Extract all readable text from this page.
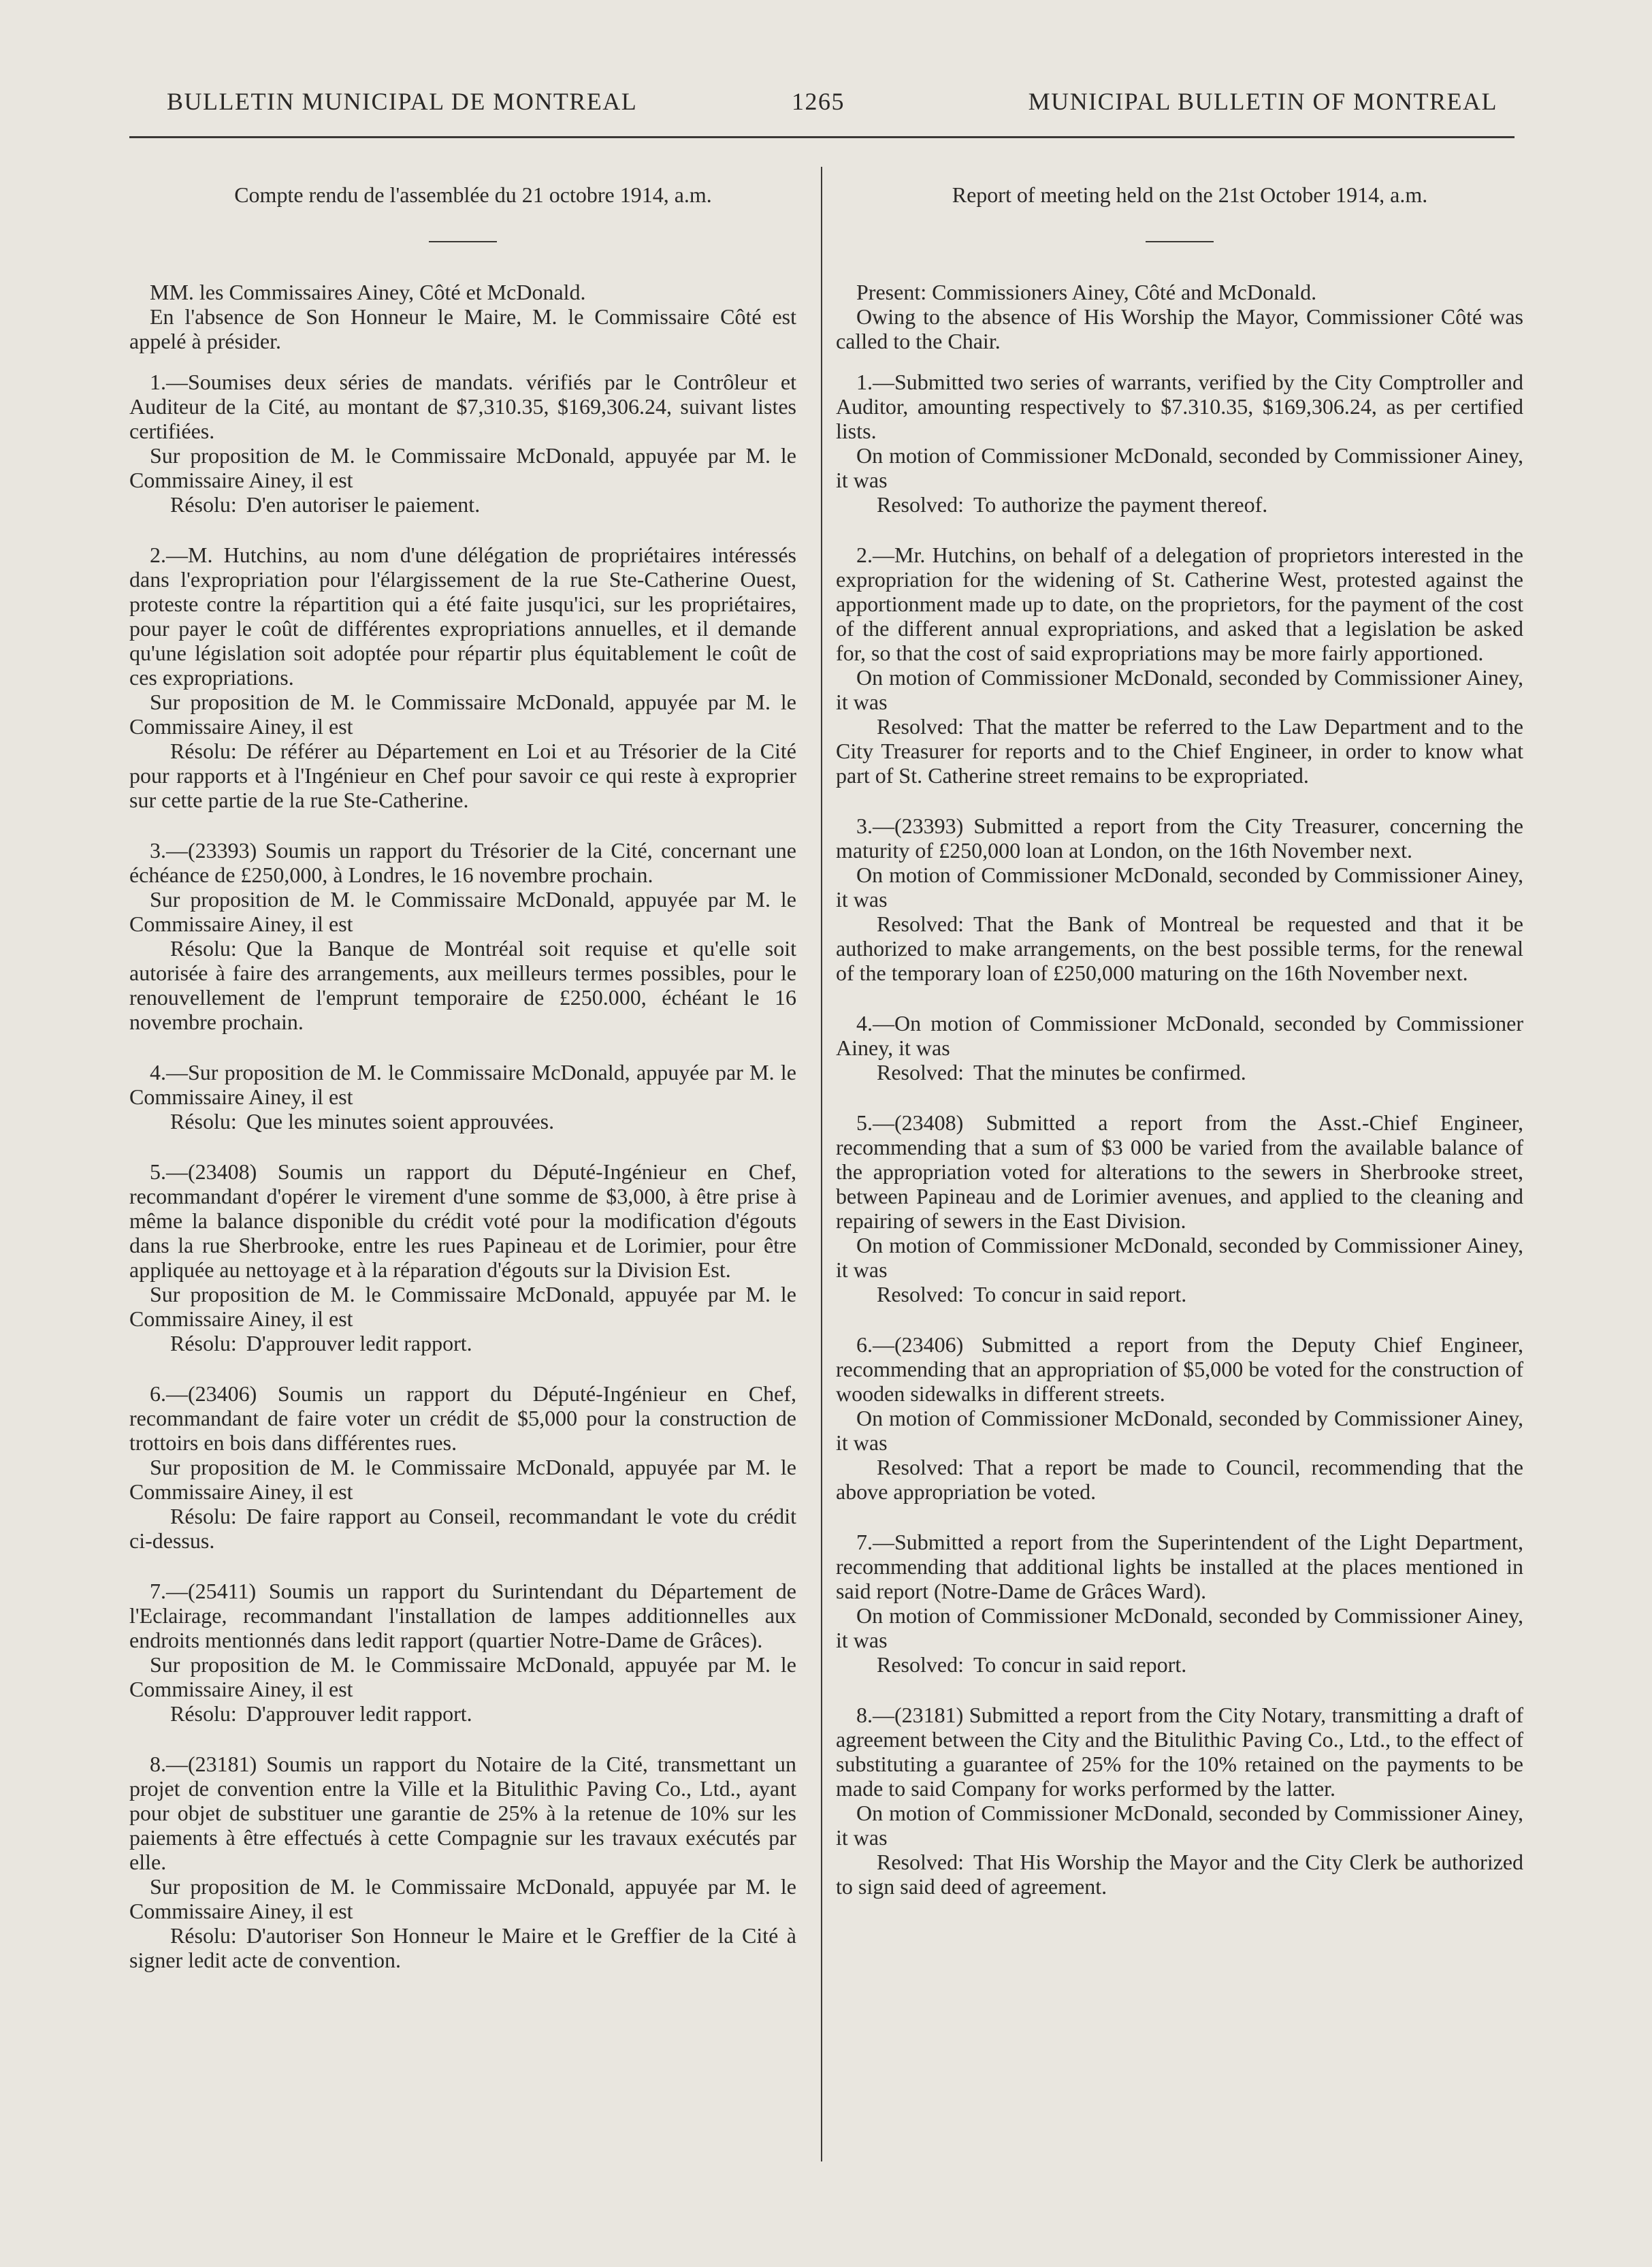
BULLETIN MUNICIPAL DE MONTREAL	1265	MUNICIPAL BULLETIN OF MONTREAL

Compte rendu de l'assemblée du 21 octobre 1914, a.m.

MM. les Commissaires Ainey, Côté et McDonald.

En l'absence de Son Honneur le Maire, M. le Commissaire Côté est appelé à présider.

1.—Soumises deux séries de mandats. vérifiés par le Contrôleur et Auditeur de la Cité, au montant de $7,310.35, $169,306.24, suivant listes certifiées.

Sur proposition de M. le Commissaire McDonald, appuyée par M. le Commissaire Ainey, il est

Résolu: D'en autoriser le paiement.

2.—M. Hutchins, au nom d'une délégation de propriétaires intéressés dans l'expropriation pour l'élargissement de la rue Ste-Catherine Ouest, proteste contre la répartition qui a été faite jusqu'ici, sur les propriétaires, pour payer le coût de différentes expropriations annuelles, et il demande qu'une législation soit adoptée pour répartir plus équitablement le coût de ces expropriations.

Sur proposition de M. le Commissaire McDonald, appuyée par M. le Commissaire Ainey, il est

Résolu: De référer au Département en Loi et au Trésorier de la Cité pour rapports et à l'Ingénieur en Chef pour savoir ce qui reste à exproprier sur cette partie de la rue Ste-Catherine.

3.—(23393) Soumis un rapport du Trésorier de la Cité, concernant une échéance de £250,000, à Londres, le 16 novembre prochain.

Sur proposition de M. le Commissaire McDonald, appuyée par M. le Commissaire Ainey, il est

Résolu: Que la Banque de Montréal soit requise et qu'elle soit autorisée à faire des arrangements, aux meilleurs termes possibles, pour le renouvellement de l'emprunt temporaire de £250.000, échéant le 16 novembre prochain.

4.—Sur proposition de M. le Commissaire McDonald, appuyée par M. le Commissaire Ainey, il est

Résolu: Que les minutes soient approuvées.

5.—(23408) Soumis un rapport du Député-Ingénieur en Chef, recommandant d'opérer le virement d'une somme de $3,000, à être prise à même la balance disponible du crédit voté pour la modification d'égouts dans la rue Sherbrooke, entre les rues Papineau et de Lorimier, pour être appliquée au nettoyage et à la réparation d'égouts sur la Division Est.

Sur proposition de M. le Commissaire McDonald, appuyée par M. le Commissaire Ainey, il est

Résolu: D'approuver ledit rapport.

6.—(23406) Soumis un rapport du Député-Ingénieur en Chef, recommandant de faire voter un crédit de $5,000 pour la construction de trottoirs en bois dans différentes rues.

Sur proposition de M. le Commissaire McDonald, appuyée par M. le Commissaire Ainey, il est

Résolu: De faire rapport au Conseil, recommandant le vote du crédit ci-dessus.

7.—(25411) Soumis un rapport du Surintendant du Département de l'Eclairage, recommandant l'installation de lampes additionnelles aux endroits mentionnés dans ledit rapport (quartier Notre-Dame de Grâces).

Sur proposition de M. le Commissaire McDonald, appuyée par M. le Commissaire Ainey, il est

Résolu: D'approuver ledit rapport.

8.—(23181) Soumis un rapport du Notaire de la Cité, transmettant un projet de convention entre la Ville et la Bitulithic Paving Co., Ltd., ayant pour objet de substituer une garantie de 25% à la retenue de 10% sur les paiements à être effectués à cette Compagnie sur les travaux exécutés par elle.

Sur proposition de M. le Commissaire McDonald, appuyée par M. le Commissaire Ainey, il est

Résolu: D'autoriser Son Honneur le Maire et le Greffier de la Cité à signer ledit acte de convention.

Report of meeting held on the 21st October 1914, a.m.

Present: Commissioners Ainey, Côté and McDonald.

Owing to the absence of His Worship the Mayor, Commissioner Côté was called to the Chair.

1.—Submitted two series of warrants, verified by the City Comptroller and Auditor, amounting respectively to $7.310.35, $169,306.24, as per certified lists.

On motion of Commissioner McDonald, seconded by Commissioner Ainey, it was

Resolved: To authorize the payment thereof.

2.—Mr. Hutchins, on behalf of a delegation of proprietors interested in the expropriation for the widening of St. Catherine West, protested against the apportionment made up to date, on the proprietors, for the payment of the cost of the different annual expropriations, and asked that a legislation be asked for, so that the cost of said expropriations may be more fairly apportioned.

On motion of Commissioner McDonald, seconded by Commissioner Ainey, it was

Resolved: That the matter be referred to the Law Department and to the City Treasurer for reports and to the Chief Engineer, in order to know what part of St. Catherine street remains to be expropriated.

3.—(23393) Submitted a report from the City Treasurer, concerning the maturity of £250,000 loan at London, on the 16th November next.

On motion of Commissioner McDonald, seconded by Commissioner Ainey, it was

Resolved: That the Bank of Montreal be requested and that it be authorized to make arrangements, on the best possible terms, for the renewal of the temporary loan of £250,000 maturing on the 16th November next.

4.—On motion of Commissioner McDonald, seconded by Commissioner Ainey, it was

Resolved: That the minutes be confirmed.

5.—(23408) Submitted a report from the Asst.-Chief Engineer, recommending that a sum of $3 000 be varied from the available balance of the appropriation voted for alterations to the sewers in Sherbrooke street, between Papineau and de Lorimier avenues, and applied to the cleaning and repairing of sewers in the East Division.

On motion of Commissioner McDonald, seconded by Commissioner Ainey, it was

Resolved: To concur in said report.

6.—(23406) Submitted a report from the Deputy Chief Engineer, recommending that an appropriation of $5,000 be voted for the construction of wooden sidewalks in different streets.

On motion of Commissioner McDonald, seconded by Commissioner Ainey, it was

Resolved: That a report be made to Council, recommending that the above appropriation be voted.

7.—Submitted a report from the Superintendent of the Light Department, recommending that additional lights be installed at the places mentioned in said report (Notre-Dame de Grâces Ward).

On motion of Commissioner McDonald, seconded by Commissioner Ainey, it was

Resolved: To concur in said report.

8.—(23181) Submitted a report from the City Notary, transmitting a draft of agreement between the City and the Bitulithic Paving Co., Ltd., to the effect of substituting a guarantee of 25% for the 10% retained on the payments to be made to said Company for works performed by the latter.

On motion of Commissioner McDonald, seconded by Commissioner Ainey, it was

Resolved: That His Worship the Mayor and the City Clerk be authorized to sign said deed of agreement.
